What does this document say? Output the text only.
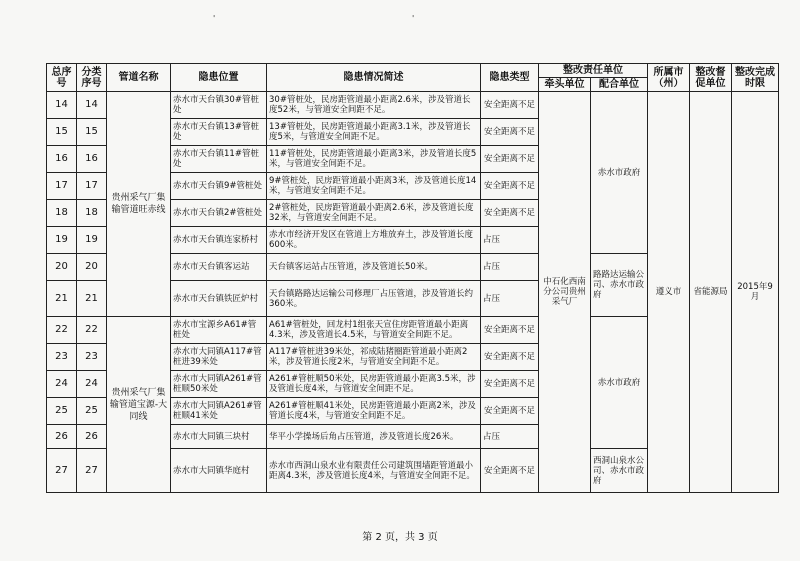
'	'
总序号	分类序号	管道名称	隐患位置	隐患情况简述	隐患类型	整改责任单位		所属市（州）	整改督促单位	整改完成时限
						牵头单位	配合单位			
14	14	贵州采气厂集输管道旺赤线	赤水市天台镇30#管桩处	30#管桩处，民房距管道最小距离2.6米，涉及管道长度52米，与管道安全间距不足。	安全距离不足	中石化西南分公司贵州采气厂	赤水市政府	遵义市	省能源局	2015年9月
15	15		赤水市天台镇13#管桩处	13#管桩处，民房距管道最小距离3.1米，涉及管道长度5米，与管道安全间距不足。	安全距离不足					
16	16		赤水市天台镇11#管桩处	11#管桩处，民房距管道最小距离3米，涉及管道长度5米，与管道安全间距不足。	安全距离不足					
17	17		赤水市天台镇9#管桩处	9#管桩处，民房距管道最小距离3米，涉及管道长度14米，与管道安全间距不足。	安全距离不足					
18	18		赤水市天台镇2#管桩处	2#管桩处，民房距管道最小距离2.6米，涉及管道长度32米，与管道安全间距不足。	安全距离不足					
19	19		赤水市天台镇连家桥村	赤水市经济开发区在管道上方堆放弃土，涉及管道长度600米。	占压					
20	20		赤水市天台镇客运站	天台镇客运站占压管道，涉及管道长50米。	占压		路路达运输公司、赤水市政府			
21	21		赤水市天台镇铁匠炉村	天台镇路路达运输公司修理厂占压管道，涉及管道长约360米。	占压					
22	22	贵州采气厂集输管道宝源-大同线	赤水市宝源乡A61#管桩处	A61#管桩处，回龙村1组张天宣住房距管道最小距离4.3米，涉及管道长4.5米，与管道安全间距不足。	安全距离不足		赤水市政府			
23	23		赤水市大同镇A117#管桩进39米处	A117#管桩进39米处，祁成陆猪圈距管道最小距离2米，涉及管道长度2米，与管道安全间距不足。	安全距离不足					
24	24		赤水市大同镇A261#管桩顺50米处	A261#管桩顺50米处，民房距管道最小距离3.5米，涉及管道长度4米，与管道安全间距不足。	安全距离不足					
25	25		赤水市大同镇A261#管桩顺41米处	A261#管桩顺41米处，民房距管道最小距离2米，涉及管道长度4米，与管道安全间距不足。	安全距离不足					
26	26		赤水市大同镇三块村	华平小学操场后角占压管道，涉及管道长度26米。	占压					
27	27		赤水市大同镇华庭村	赤水市西洞山泉水业有限责任公司建筑围墙距管道最小距离4.3米，涉及管道长度4米，与管道安全间距不足。	安全距离不足		西洞山泉水公司、赤水市政府			
第 2 页，共 3 页
